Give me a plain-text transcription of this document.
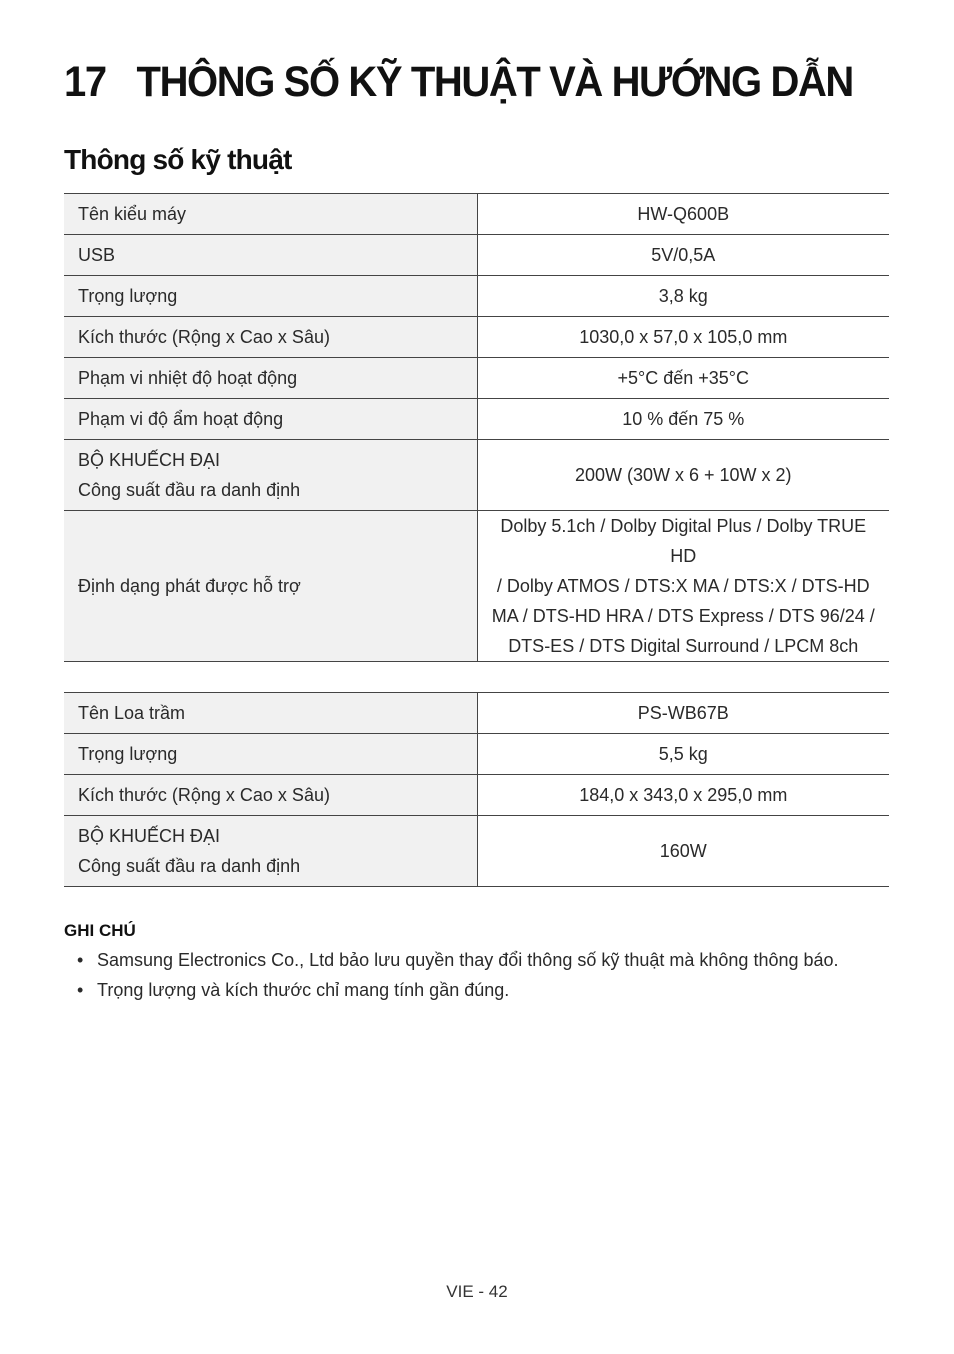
17 THÔNG SỐ KỸ THUẬT VÀ HƯỚNG DẪN
Thông số kỹ thuật
Tên kiểu máy	HW-Q600B

USB	5V/0,5A

Trọng lượng	3,8 kg

Kích thước (Rộng x Cao x Sâu)	1030,0 x 57,0 x 105,0 mm

Phạm vi nhiệt độ hoạt động	+5°C đến +35°C

Phạm vi độ ẩm hoạt động	10 % đến 75 %

BỘ KHUẾCH ĐẠI
Công suất đầu ra danh định	200W (30W x 6 + 10W x 2)

Định dạng phát được hỗ trợ	Dolby 5.1ch / Dolby Digital Plus / Dolby TRUE HD
/ Dolby ATMOS / DTS:X MA / DTS:X / DTS-HD
MA / DTS-HD HRA / DTS Express / DTS 96/24 /
DTS-ES / DTS Digital Surround / LPCM 8ch
Tên Loa trầm	PS-WB67B

Trọng lượng	5,5 kg

Kích thước (Rộng x Cao x Sâu)	184,0 x 343,0 x 295,0 mm

BỘ KHUẾCH ĐẠI
Công suất đầu ra danh định	160W
GHI CHÚ
• Samsung Electronics Co., Ltd bảo lưu quyền thay đổi thông số kỹ thuật mà không thông báo.
• Trọng lượng và kích thước chỉ mang tính gần đúng.
VIE - 42
